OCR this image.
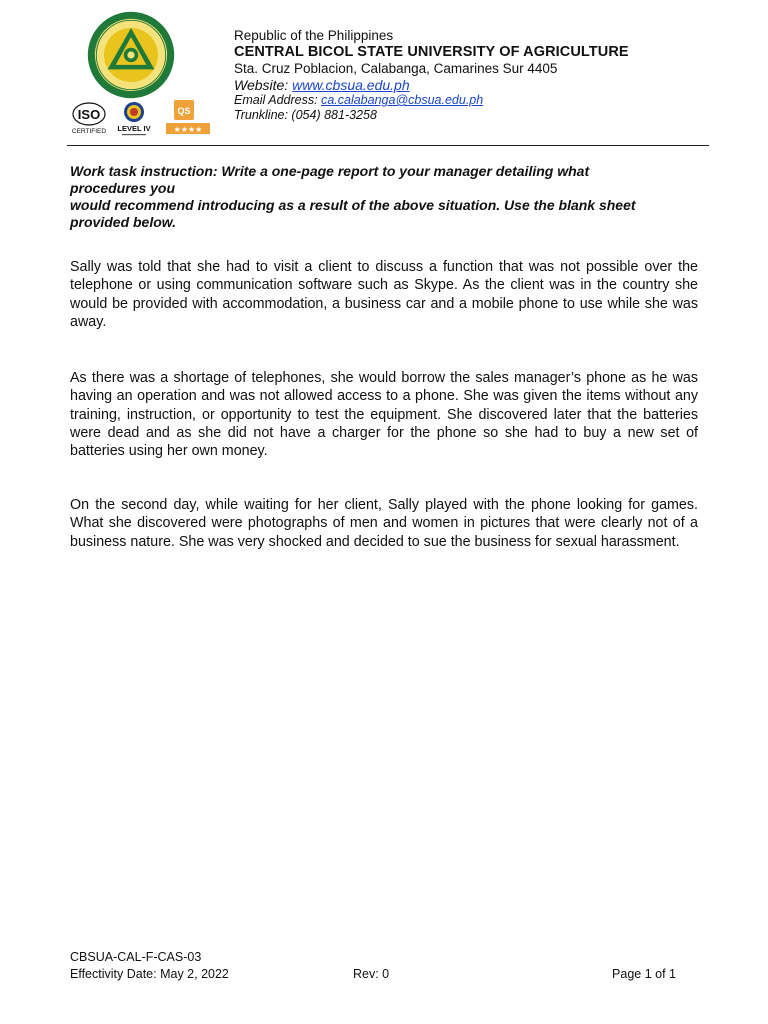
ISO
CERTIFIED LEVEL IV
QS
★★★★
Republic of the Philippines
CENTRAL BICOL STATE UNIVERSITY OF AGRICULTURE
Sta. Cruz Poblacion, Calabanga, Camarines Sur 4405
Website: www.cbsua.edu.ph
Email Address: ca.calabanga@cbsua.edu.ph
Trunkline: (054) 881-3258
Work task instruction: Write a one-page report to your manager detailing what
procedures you
would recommend introducing as a result of the above situation. Use the blank sheet
provided below.
Sally was told that she had to visit a client to discuss a function that was not possible over the telephone or using communication software such as Skype. As the client was in the country she would be provided with accommodation, a business car and a mobile phone to use while she was away.
As there was a shortage of telephones, she would borrow the sales manager’s phone as he was having an operation and was not allowed access to a phone. She was given the items without any training, instruction, or opportunity to test the equipment. She discovered later that the batteries were dead and as she did not have a charger for the phone so she had to buy a new set of batteries using her own money.
On the second day, while waiting for her client, Sally played with the phone looking for games. What she discovered were photographs of men and women in pictures that were clearly not of a business nature. She was very shocked and decided to sue the business for sexual harassment.
CBSUA-CAL-F-CAS-03
Effectivity Date: May 2, 2022	Rev: 0	Page 1 of 1
